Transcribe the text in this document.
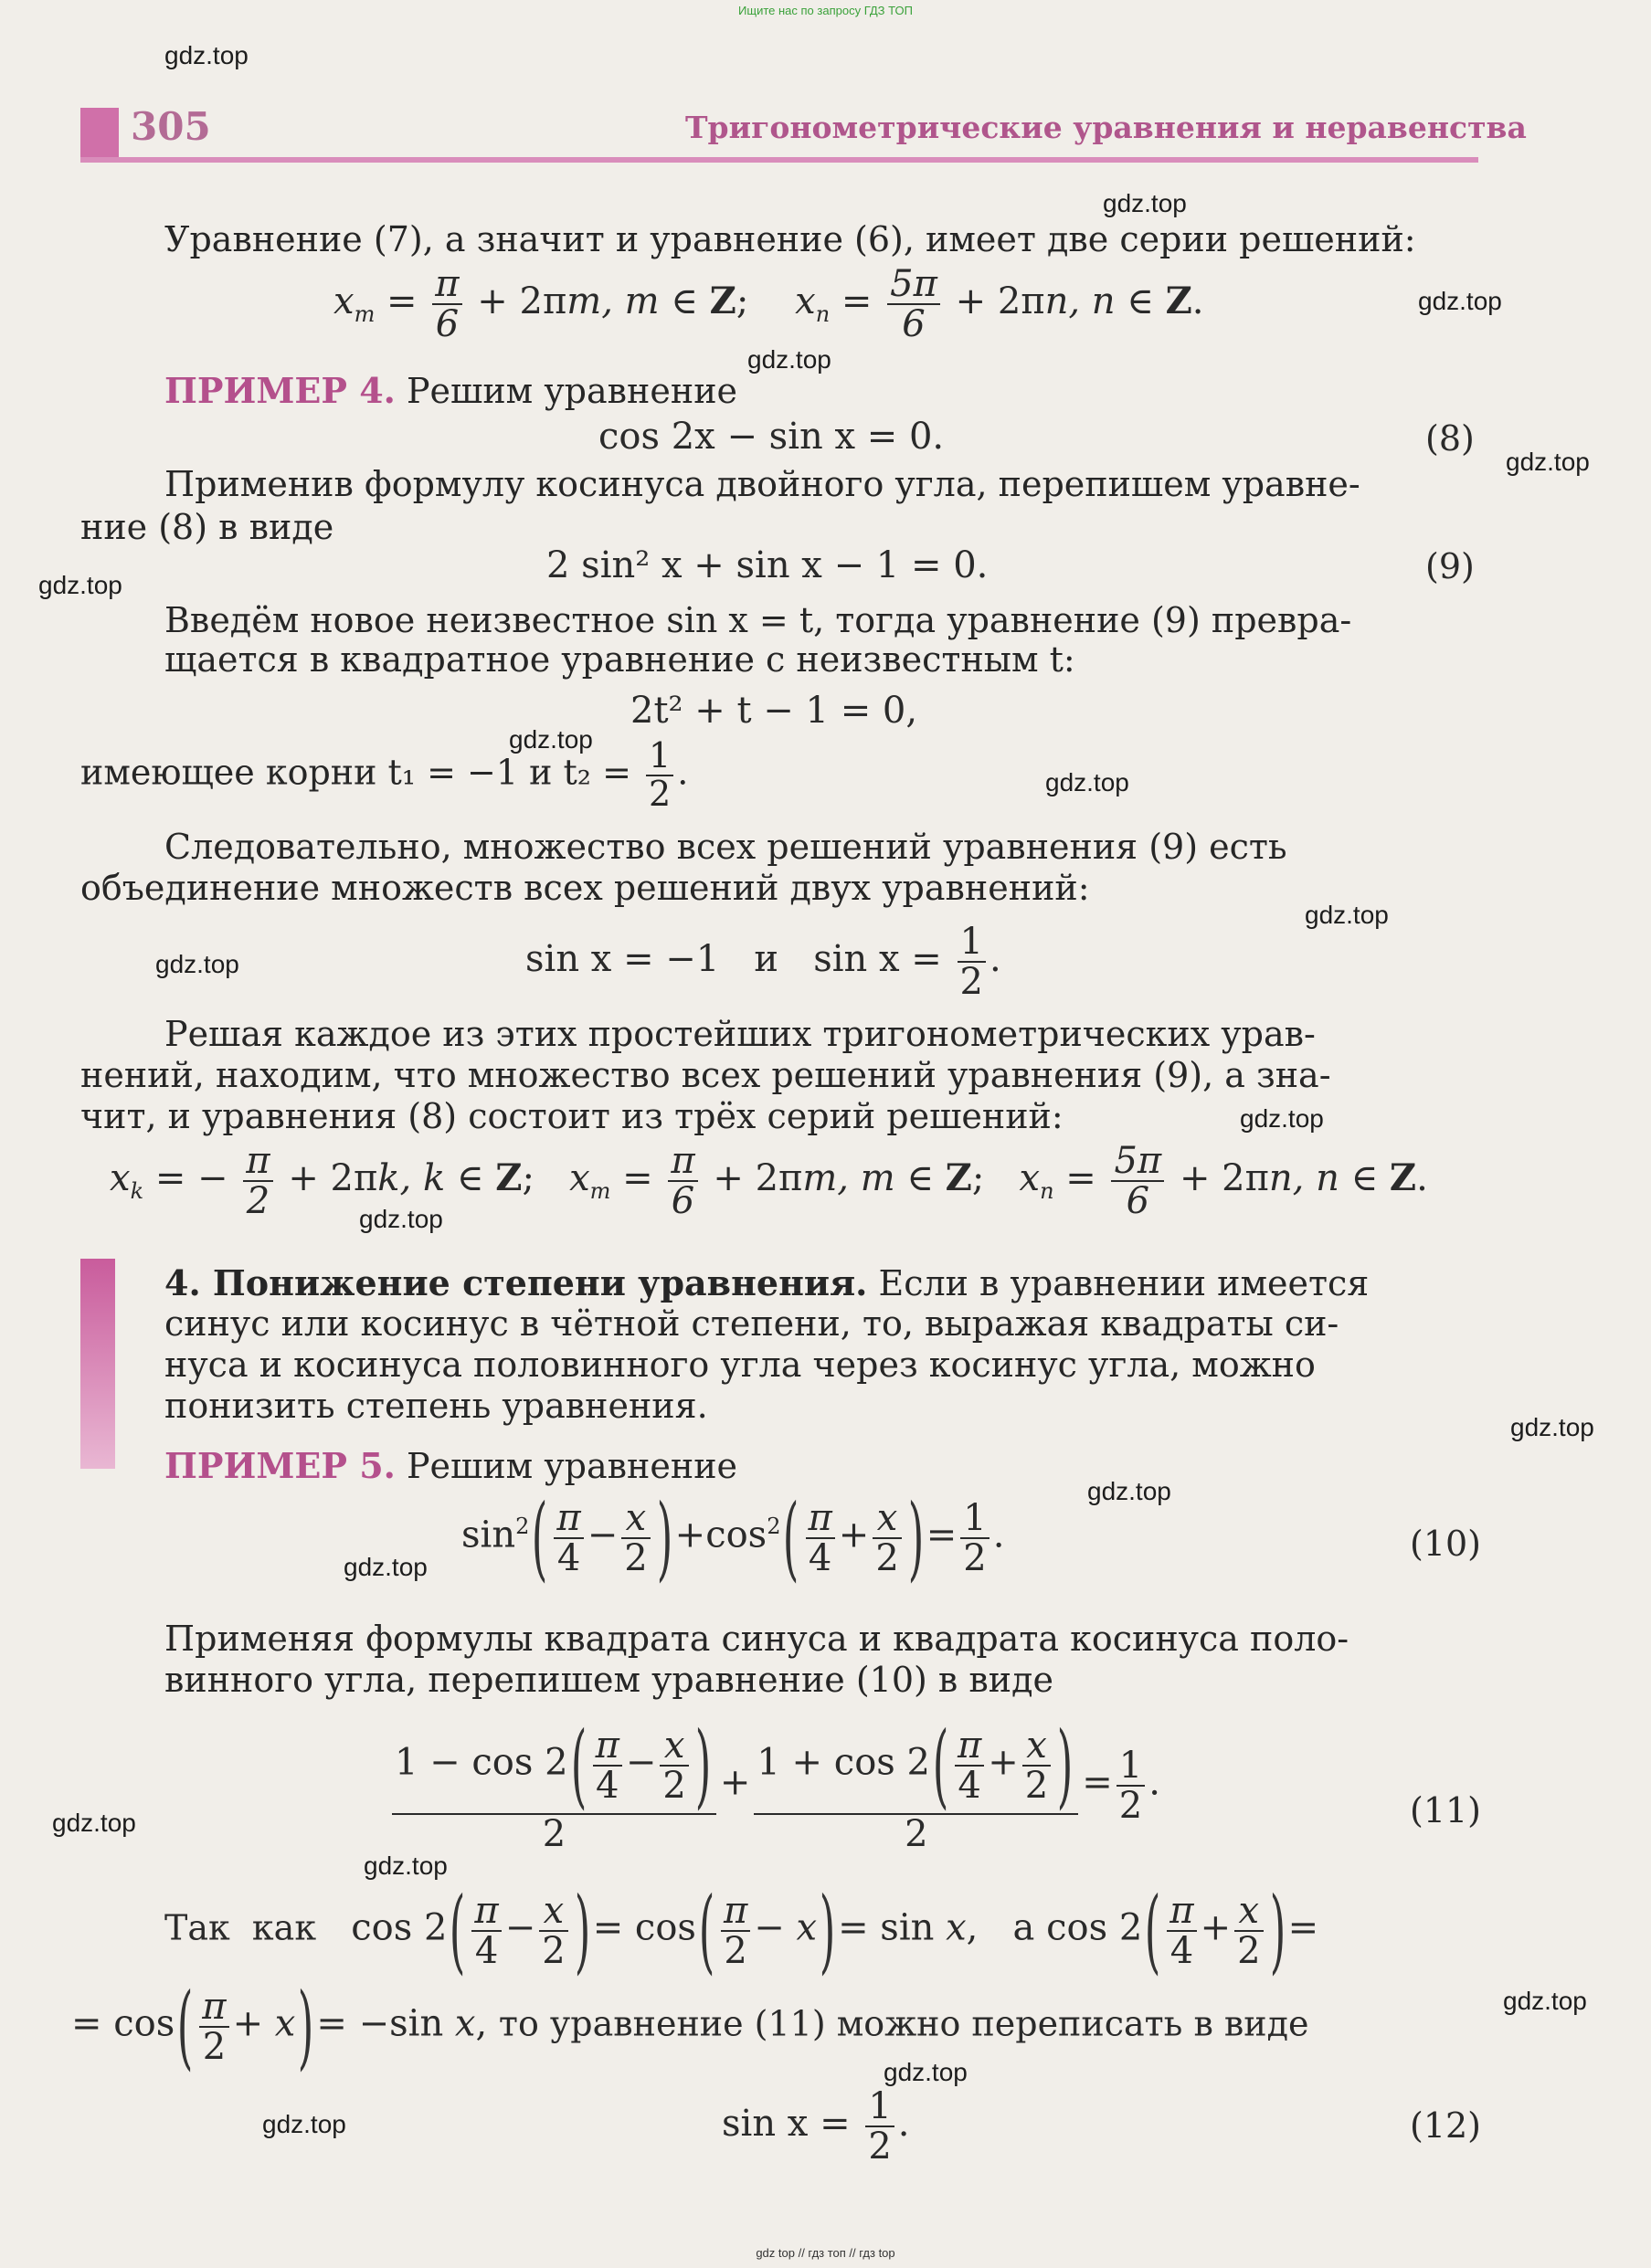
Ищите нас по запросу ГДЗ ТОП
gdz.top
gdz.top
gdz.top
gdz.top
gdz.top
gdz.top
gdz.top
gdz.top
gdz.top
gdz.top
gdz.top
gdz.top
gdz.top
gdz.top
gdz.top
gdz.top
gdz.top
gdz.top
gdz.top
gdz.top
305	Тригонометрические уравнения и неравенства
Уравнение (7), а значит и уравнение (6), имеет две серии решений:
$x_m = \frac{\pi}{6} + 2\pi m$, m ∈ Z;    $x_n = \frac{5\pi}{6} + 2\pi n$, n ∈ Z.
ПРИМЕР 4. Решим уравнение
cos 2x − sin x = 0.	(8)
Применив формулу косинуса двойного угла, перепишем уравне-
ние (8) в виде
2 sin² x + sin x − 1 = 0.	(9)
Введём новое неизвестное sin x = t, тогда уравнение (9) превра-
щается в квадратное уравнение с неизвестным t:
2t² + t − 1 = 0,
имеющее корни t₁ = −1 и $t_2 = \frac{1}{2}$ .
Следовательно, множество всех решений уравнения (9) есть
объединение множеств всех решений двух уравнений:
sin x = −1   и   $\sin x = \frac{1}{2}$ .
Решая каждое из этих простейших тригонометрических урав-
нений, находим, что множество всех решений уравнения (9), а зна-
чит, и уравнения (8) состоит из трёх серий решений:
$x_k$ = − $\frac{\pi}{2} + 2\pi k$, k ∈ Z;   $x_m = \frac{\pi}{6} + 2\pi m$, m ∈ Z;   $x_n = \frac{5\pi}{6} + 2\pi n$, n ∈ Z.
4. Понижение степени уравнения. Если в уравнении имеется
синус или косинус в чётной степени, то, выражая квадраты си-
нуса и косинуса половинного угла через косинус угла, можно
понизить степень уравнения.
ПРИМЕР 5. Решим уравнение
$\sin^2( \frac{\pi}{4} - \frac{x}{2} )+\cos^2( \frac{\pi}{4} + \frac{x}{2}$ )= $\frac{1}{2}$ .	(10)
Применяя формулы квадрата синуса и квадрата косинуса поло-
винного угла, перепишем уравнение (10) в виде
$\frac{1 - \cos 2( \frac{\pi}{4} - \frac{x}{2} )}{2} + \frac{1 + \cos 2( \frac{\pi}{4} + \frac{x}{2} )}{2} = \frac{1}{2}$ .
(11)
Так  как   $\cos 2( \frac{\pi}{4} - \frac{x}{2}$ )= $\cos( \frac{\pi}{2} - x)= \sin x$,   а $\cos 2( \frac{\pi}{4} + \frac{x}{2}$ )=
= $\cos( \frac{\pi}{2} + x)= -\sin$ x, то уравнение (11) можно переписать в виде
$\sin x = \frac{1}{2}$ .	(12)
gdz top // гдз топ // гдз top
